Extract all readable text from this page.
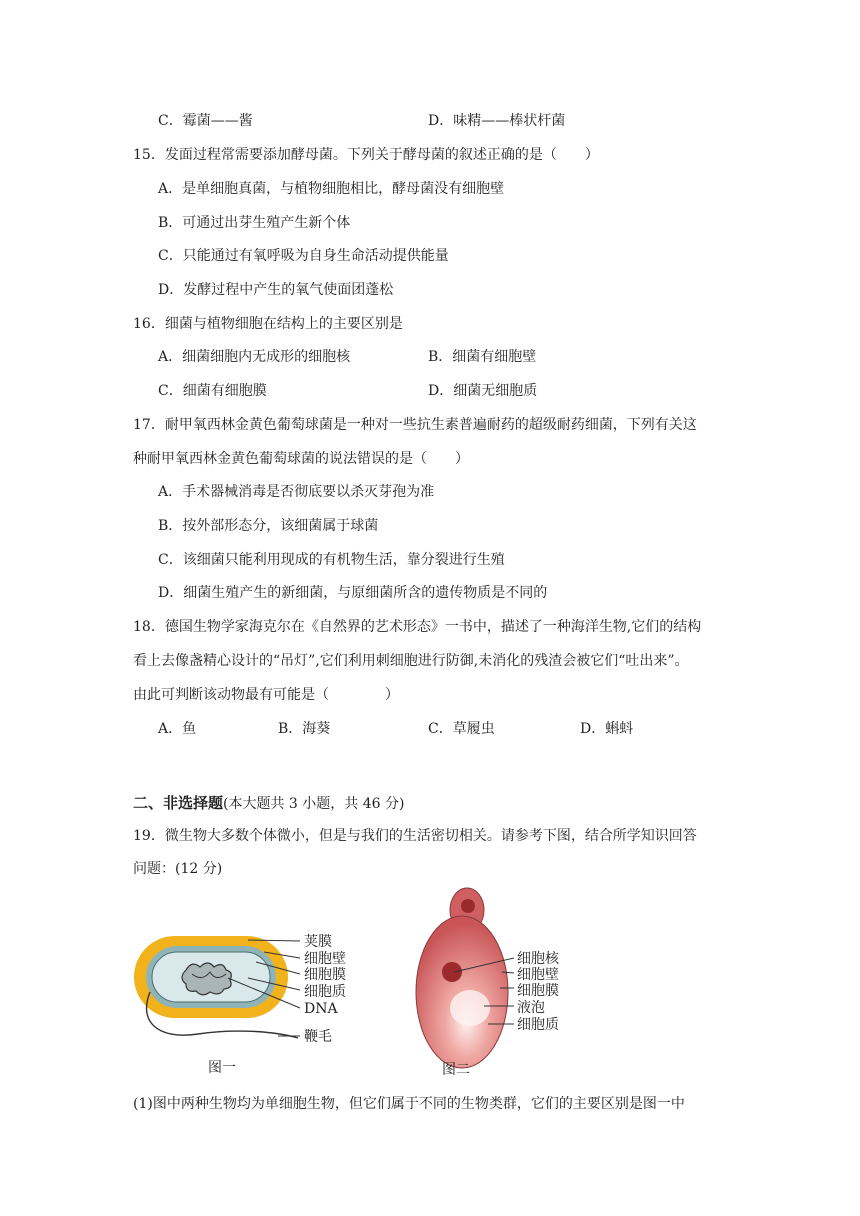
C．霉菌——酱	D．味精——棒状杆菌
15．发面过程常需要添加酵母菌。下列关于酵母菌的叙述正确的是（　　）
A．是单细胞真菌，与植物细胞相比，酵母菌没有细胞壁
B．可通过出芽生殖产生新个体
C．只能通过有氧呼吸为自身生命活动提供能量
D．发酵过程中产生的氧气使面团蓬松
16．细菌与植物细胞在结构上的主要区别是
A．细菌细胞内无成形的细胞核	B．细菌有细胞壁
C．细菌有细胞膜	D．细菌无细胞质
17．耐甲氧西林金黄色葡萄球菌是一种对一些抗生素普遍耐药的超级耐药细菌，下列有关这
种耐甲氧西林金黄色葡萄球菌的说法错误的是（　　）
A．手术器械消毒是否彻底要以杀灭芽孢为准
B．按外部形态分，该细菌属于球菌
C．该细菌只能利用现成的有机物生活，靠分裂进行生殖
D．细菌生殖产生的新细菌，与原细菌所含的遗传物质是不同的
18．德国生物学家海克尔在《自然界的艺术形态》一书中，描述了一种海洋生物,它们的结构
看上去像盏精心设计的“吊灯”,它们利用刺细胞进行防御,未消化的残渣会被它们“吐出来”。
由此可判断该动物最有可能是（　　　　）
A．鱼	B．海葵	C．草履虫	D．蝌蚪
二、非选择题(本大题共 3 小题，共 46 分)
19．微生物大多数个体微小，但是与我们的生活密切相关。请参考下图，结合所学知识回答
问题：(12 分)
荚膜
细胞壁
细胞膜
细胞质
DNA
鞭毛
图一
细胞核
细胞壁
细胞膜
液泡
细胞质
图二
(1)图中两种生物均为单细胞生物，但它们属于不同的生物类群，它们的主要区别是图一中
